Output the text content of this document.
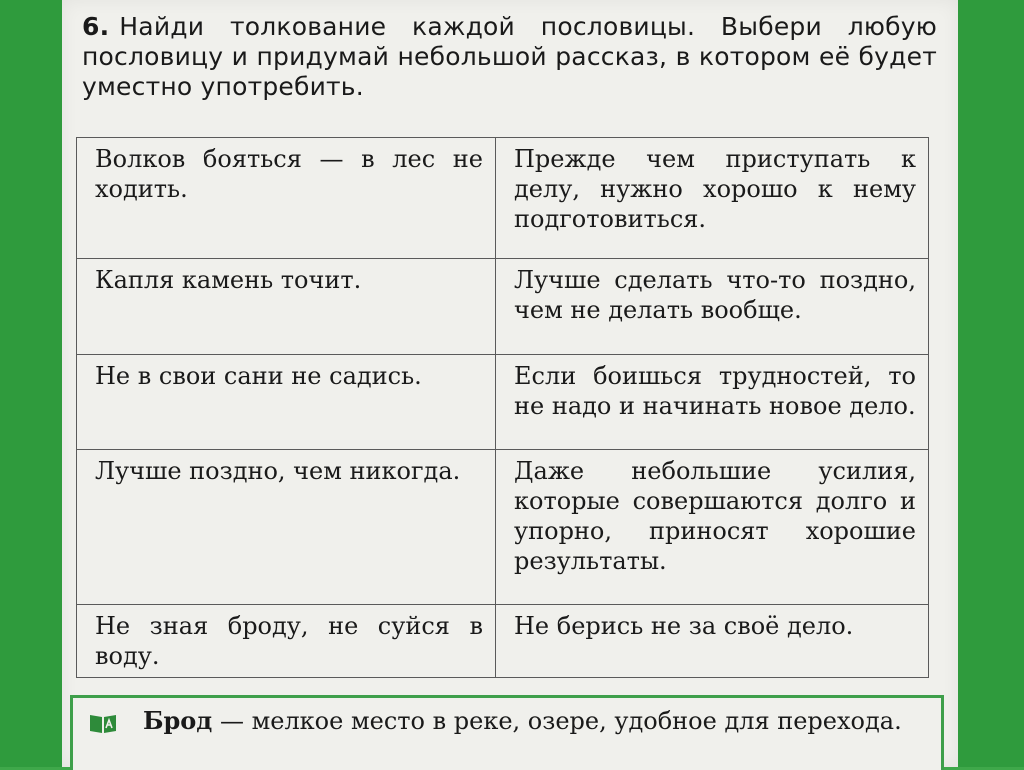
6. Найди толкование каждой пословицы. Выбери любую пословицу и придумай небольшой рассказ, в котором её будет уместно употребить.
Волков бояться — в лес не ходить.	Прежде чем приступать к делу, нужно хорошо к нему подготовиться.
Капля камень точит.	Лучше сделать что-то поздно, чем не делать вообще.
Не в свои сани не садись.	Если боишься трудностей, то не надо и начинать новое дело.
Лучше поздно, чем никогда.	Даже небольшие усилия, которые совершаются долго и упорно, приносят хорошие результаты.
Не зная броду, не суйся в воду.	Не берись не за своё дело.
Брод — мелкое место в реке, озере, удобное для перехода.
